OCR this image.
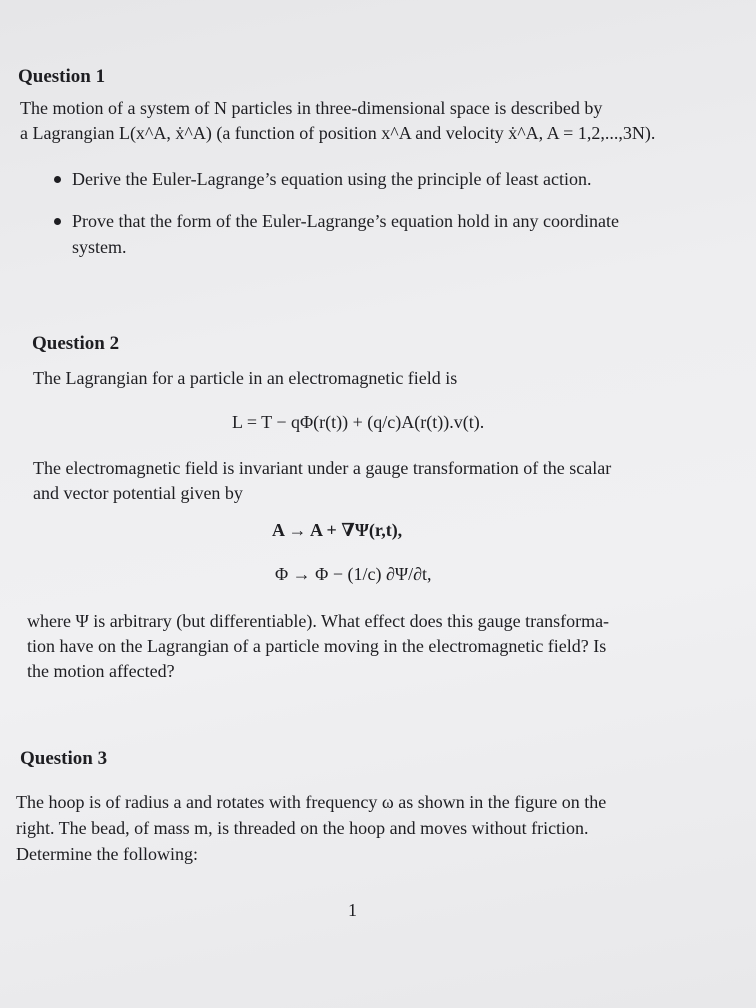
Question 1
The motion of a system of N particles in three-dimensional space is described by
a Lagrangian L(x^A, ẋ^A) (a function of position x^A and velocity ẋ^A, A = 1,2,...,3N).
Derive the Euler-Lagrange’s equation using the principle of least action.
Prove that the form of the Euler-Lagrange’s equation hold in any coordinate
system.
Question 2
The Lagrangian for a particle in an electromagnetic field is
L = T − qΦ(r(t)) + (q/c)A(r(t)).v(t).
The electromagnetic field is invariant under a gauge transformation of the scalar
and vector potential given by
A → A + ∇Ψ(r,t),
Φ → Φ − (1/c) ∂Ψ/∂t,
where Ψ is arbitrary (but differentiable). What effect does this gauge transforma-
tion have on the Lagrangian of a particle moving in the electromagnetic field? Is
the motion affected?
Question 3
The hoop is of radius a and rotates with frequency ω as shown in the figure on the
right. The bead, of mass m, is threaded on the hoop and moves without friction.
Determine the following:
1
